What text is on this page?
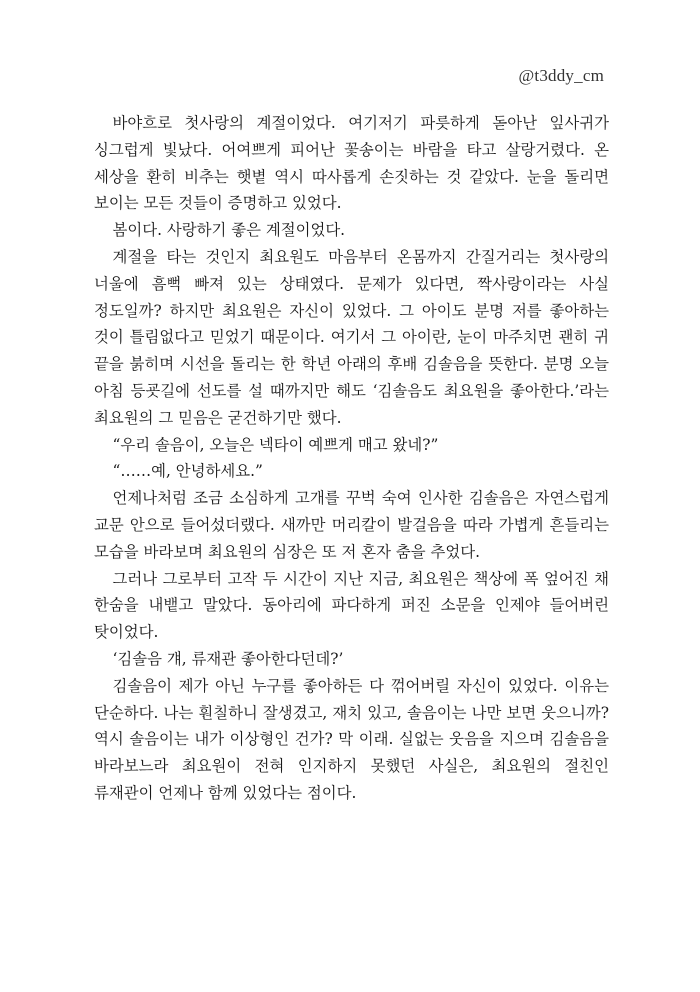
@t3ddy_cm

바야흐로 첫사랑의 계절이었다. 여기저기 파릇하게 돋아난 잎사귀가 싱그럽게 빛났다. 어여쁘게 피어난 꽃송이는 바람을 타고 살랑거렸다. 온 세상을 환히 비추는 햇볕 역시 따사롭게 손짓하는 것 같았다. 눈을 돌리면 보이는 모든 것들이 증명하고 있었다.

봄이다. 사랑하기 좋은 계절이었다.

계절을 타는 것인지 최요원도 마음부터 온몸까지 간질거리는 첫사랑의 너울에 흠뻑 빠져 있는 상태였다. 문제가 있다면, 짝사랑이라는 사실 정도일까? 하지만 최요원은 자신이 있었다. 그 아이도 분명 저를 좋아하는 것이 틀림없다고 믿었기 때문이다. 여기서 그 아이란, 눈이 마주치면 괜히 귀 끝을 붉히며 시선을 돌리는 한 학년 아래의 후배 김솔음을 뜻한다. 분명 오늘 아침 등굣길에 선도를 설 때까지만 해도 ‘김솔음도 최요원을 좋아한다.’라는 최요원의 그 믿음은 굳건하기만 했다.

“우리 솔음이, 오늘은 넥타이 예쁘게 매고 왔네?”

“……예, 안녕하세요.”

언제나처럼 조금 소심하게 고개를 꾸벅 숙여 인사한 김솔음은 자연스럽게 교문 안으로 들어섰더랬다. 새까만 머리칼이 발걸음을 따라 가볍게 흔들리는 모습을 바라보며 최요원의 심장은 또 저 혼자 춤을 추었다.

그러나 그로부터 고작 두 시간이 지난 지금, 최요원은 책상에 폭 엎어진 채 한숨을 내뱉고 말았다. 동아리에 파다하게 퍼진 소문을 인제야 들어버린 탓이었다.

‘김솔음 걔, 류재관 좋아한다던데?’

김솔음이 제가 아닌 누구를 좋아하든 다 꺾어버릴 자신이 있었다. 이유는 단순하다. 나는 훤칠하니 잘생겼고, 재치 있고, 솔음이는 나만 보면 웃으니까? 역시 솔음이는 내가 이상형인 건가? 막 이래. 실없는 웃음을 지으며 김솔음을 바라보느라 최요원이 전혀 인지하지 못했던 사실은, 최요원의 절친인 류재관이 언제나 함께 있었다는 점이다.
